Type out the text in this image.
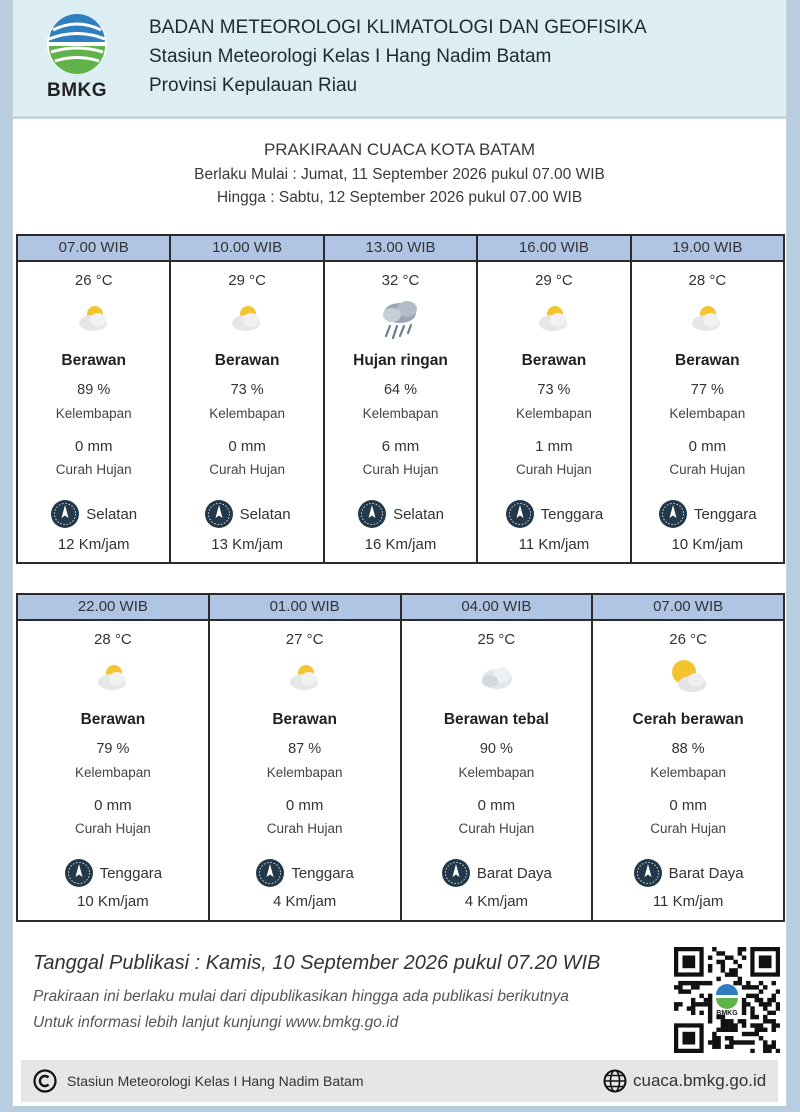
BMKG
BADAN METEOROLOGI KLIMATOLOGI DAN GEOFISIKA
Stasiun Meteorologi Kelas I Hang Nadim Batam
Provinsi Kepulauan Riau
PRAKIRAAN CUACA KOTA BATAM
Berlaku Mulai : Jumat, 11 September 2026 pukul 07.00 WIB
Hingga : Sabtu, 12 September 2026 pukul 07.00 WIB
07.00 WIB
26 °C
Berawan
89 %
Kelembapan
0 mm
Curah Hujan
Selatan
12 Km/jam
10.00 WIB
29 °C
Berawan
73 %
Kelembapan
0 mm
Curah Hujan
Selatan
13 Km/jam
13.00 WIB
32 °C
Hujan ringan
64 %
Kelembapan
6 mm
Curah Hujan
Selatan
16 Km/jam
16.00 WIB
29 °C
Berawan
73 %
Kelembapan
1 mm
Curah Hujan
Tenggara
11 Km/jam
19.00 WIB
28 °C
Berawan
77 %
Kelembapan
0 mm
Curah Hujan
Tenggara
10 Km/jam
22.00 WIB
28 °C
Berawan
79 %
Kelembapan
0 mm
Curah Hujan
Tenggara
10 Km/jam
01.00 WIB
27 °C
Berawan
87 %
Kelembapan
0 mm
Curah Hujan
Tenggara
4 Km/jam
04.00 WIB
25 °C
Berawan tebal
90 %
Kelembapan
0 mm
Curah Hujan
Barat Daya
4 Km/jam
07.00 WIB
26 °C
Cerah berawan
88 %
Kelembapan
0 mm
Curah Hujan
Barat Daya
11 Km/jam
Tanggal Publikasi : Kamis, 10 September 2026 pukul 07.20 WIB
Prakiraan ini berlaku mulai dari dipublikasikan hingga ada publikasi berikutnya
Untuk informasi lebih lanjut kunjungi www.bmkg.go.id
BMKG
Stasiun Meteorologi Kelas I Hang Nadim Batam	cuaca.bmkg.go.id
